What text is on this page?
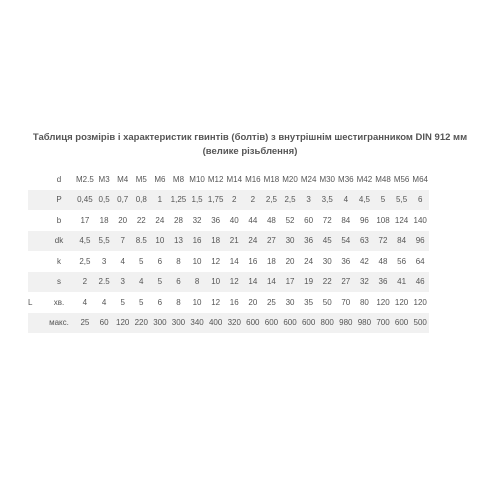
Таблиця розмірів і характеристик гвинтів (болтів) з внутрішнім шестигранником DIN 912 мм (велике різьблення)
	d	M2.5	M3	M4	M5	M6	M8	M10	M12	M14	M16	M18	M20	M24	M30	M36	M42	M48	M56	M64
	P	0,45	0,5	0,7	0,8	1	1,25	1,5	1,75	2	2	2,5	2,5	3	3,5	4	4,5	5	5,5	6
	b	17	18	20	22	24	28	32	36	40	44	48	52	60	72	84	96	108	124	140
	dk	4,5	5,5	7	8.5	10	13	16	18	21	24	27	30	36	45	54	63	72	84	96
	k	2,5	3	4	5	6	8	10	12	14	16	18	20	24	30	36	42	48	56	64
	s	2	2.5	3	4	5	6	8	10	12	14	14	17	19	22	27	32	36	41	46
L	хв.	4	4	5	5	6	8	10	12	16	20	25	30	35	50	70	80	120	120	120
	макс.	25	60	120	220	300	300	340	400	320	600	600	600	600	800	980	980	700	600	500
